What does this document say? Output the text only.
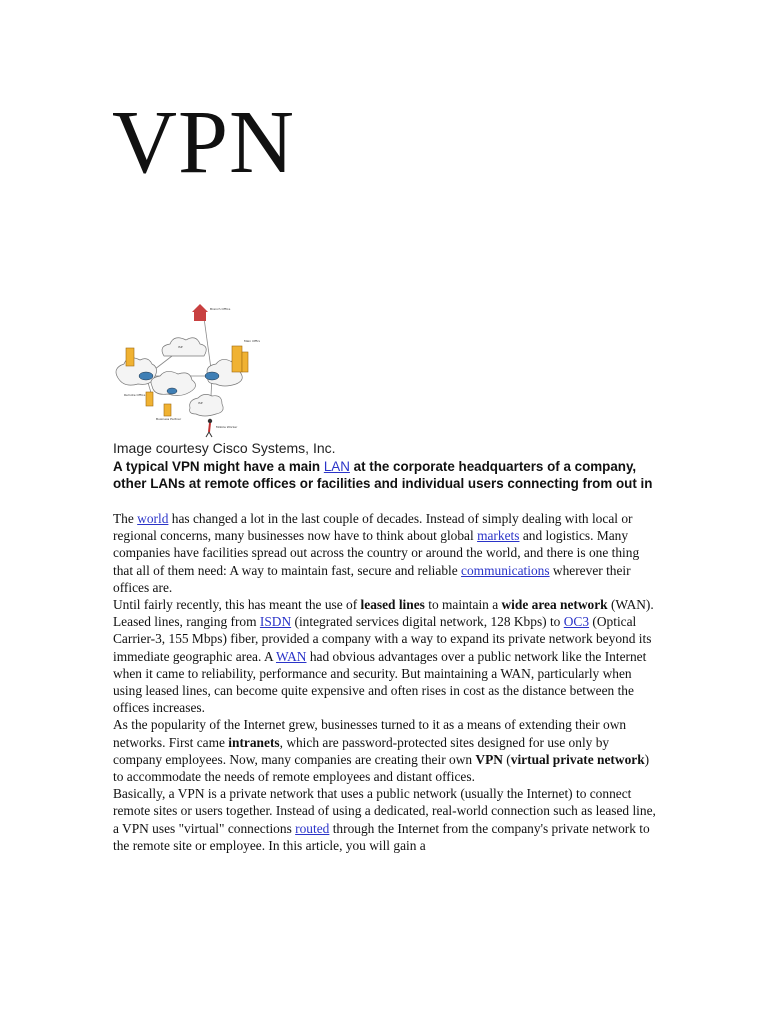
VPN
Branch Office
ISP
Main Office
Remote Office
ISP
Business Partner
Mobile Worker
Image courtesy Cisco Systems, Inc.
A typical VPN might have a main LAN at the corporate headquarters of a company, other LANs at remote offices or facilities and individual users connecting from out in

The world has changed a lot in the last couple of decades. Instead of simply dealing with local or regional concerns, many businesses now have to think about global markets and logistics. Many companies have facilities spread out across the country or around the world, and there is one thing that all of them need: A way to maintain fast, secure and reliable communications wherever their offices are.

Until fairly recently, this has meant the use of leased lines to maintain a wide area network (WAN). Leased lines, ranging from ISDN (integrated services digital network, 128 Kbps) to OC3 (Optical Carrier-3, 155 Mbps) fiber, provided a company with a way to expand its private network beyond its immediate geographic area. A WAN had obvious advantages over a public network like the Internet when it came to reliability, performance and security. But maintaining a WAN, particularly when using leased lines, can become quite expensive and often rises in cost as the distance between the offices increases.

As the popularity of the Internet grew, businesses turned to it as a means of extending their own networks. First came intranets, which are password-protected sites designed for use only by company employees. Now, many companies are creating their own VPN (virtual private network) to accommodate the needs of remote employees and distant offices.

Basically, a VPN is a private network that uses a public network (usually the Internet) to connect remote sites or users together. Instead of using a dedicated, real-world connection such as leased line, a VPN uses "virtual" connections routed through the Internet from the company's private network to the remote site or employee. In this article, you will gain a
